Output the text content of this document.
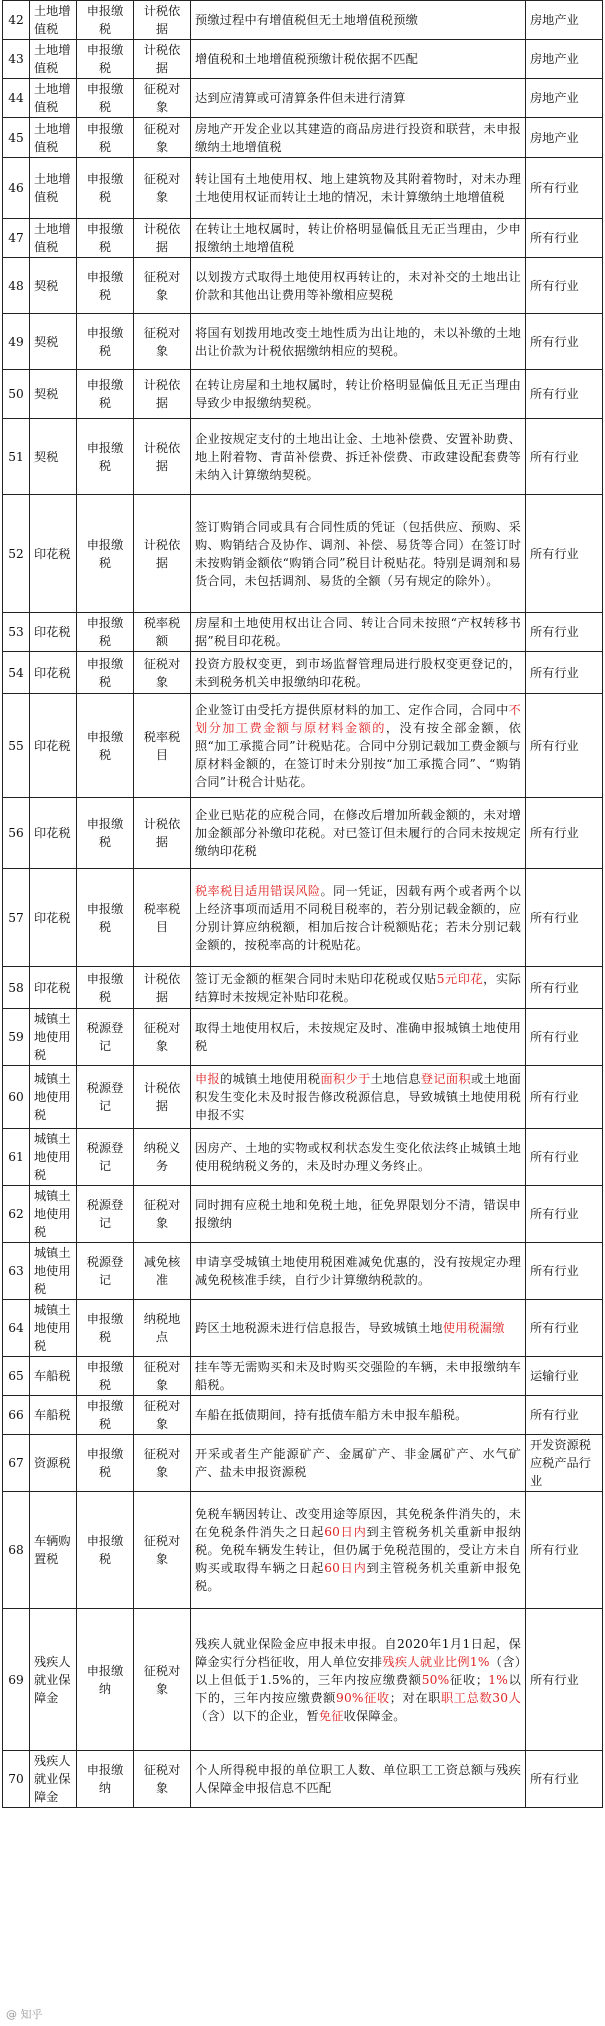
42	土地增值税	申报缴税	计税依据	预缴过程中有增值税但无土地增值税预缴	房地产业
43	土地增值税	申报缴税	计税依据	增值税和土地增值税预缴计税依据不匹配	房地产业
44	土地增值税	申报缴税	征税对象	达到应清算或可清算条件但未进行清算	房地产业
45	土地增值税	申报缴税	征税对象	房地产开发企业以其建造的商品房进行投资和联营，未申报缴纳土地增值税	房地产业
46	土地增值税	申报缴税	征税对象	转让国有土地使用权、地上建筑物及其附着物时，对未办理土地使用权证而转让土地的情况，未计算缴纳土地增值税	所有行业
47	土地增值税	申报缴税	计税依据	在转让土地权属时，转让价格明显偏低且无正当理由，少申报缴纳土地增值税	所有行业
48	契税	申报缴税	征税对象	以划拨方式取得土地使用权再转让的，未对补交的土地出让价款和其他出让费用等补缴相应契税	所有行业
49	契税	申报缴税	征税对象	将国有划拨用地改变土地性质为出让地的，未以补缴的土地出让价款为计税依据缴纳相应的契税。	所有行业
50	契税	申报缴税	计税依据	在转让房屋和土地权属时，转让价格明显偏低且无正当理由导致少申报缴纳契税。	所有行业
51	契税	申报缴税	计税依据	企业按规定支付的土地出让金、土地补偿费、安置补助费、地上附着物、青苗补偿费、拆迁补偿费、市政建设配套费等未纳入计算缴纳契税。	所有行业
52	印花税	申报缴税	计税依据	签订购销合同或具有合同性质的凭证（包括供应、预购、采购、购销结合及协作、调剂、补偿、易货等合同）在签订时未按购销金额依“购销合同”税目计税贴花。特别是调剂和易货合同，未包括调剂、易货的全额（另有规定的除外）。	所有行业
53	印花税	申报缴税	税率税额	房屋和土地使用权出让合同、转让合同未按照“产权转移书据”税目印花税。	所有行业
54	印花税	申报缴税	征税对象	投资方股权变更，到市场监督管理局进行股权变更登记的，未到税务机关申报缴纳印花税。	所有行业
55	印花税	申报缴税	税率税目	企业签订由受托方提供原材料的加工、定作合同，合同中不划分加工费金额与原材料金额的，没有按全部金额，依照“加工承揽合同”计税贴花。合同中分别记载加工费金额与原材料金额的，在签订时未分别按“加工承揽合同”、“购销合同”计税合计贴花。	所有行业
56	印花税	申报缴税	计税依据	企业已贴花的应税合同，在修改后增加所载金额的，未对增加金额部分补缴印花税。对已签订但未履行的合同未按规定缴纳印花税	所有行业
57	印花税	申报缴税	税率税目	税率税目适用错误风险。同一凭证，因载有两个或者两个以上经济事项而适用不同税目税率的，若分别记载金额的，应分别计算应纳税额，相加后按合计税额贴花；若未分别记载金额的，按税率高的计税贴花。	所有行业
58	印花税	申报缴税	计税依据	签订无金额的框架合同时未贴印花税或仅贴5元印花，实际结算时未按规定补贴印花税。	所有行业
59	城镇土地使用税	税源登记	征税对象	取得土地使用权后，未按规定及时、准确申报城镇土地使用税	所有行业
60	城镇土地使用税	税源登记	计税依据	申报的城镇土地使用税面积少于土地信息登记面积或土地面积发生变化未及时报告修改税源信息，导致城镇土地使用税申报不实	所有行业
61	城镇土地使用税	税源登记	纳税义务	因房产、土地的实物或权利状态发生变化依法终止城镇土地使用税纳税义务的，未及时办理义务终止。	所有行业
62	城镇土地使用税	税源登记	征税对象	同时拥有应税土地和免税土地，征免界限划分不清，错误申报缴纳	所有行业
63	城镇土地使用税	税源登记	减免核准	申请享受城镇土地使用税困难减免优惠的，没有按规定办理减免税核准手续，自行少计算缴纳税款的。	所有行业
64	城镇土地使用税	申报缴税	纳税地点	跨区土地税源未进行信息报告，导致城镇土地使用税漏缴	所有行业
65	车船税	申报缴税	征税对象	挂车等无需购买和未及时购买交强险的车辆，未申报缴纳车船税。	运输行业
66	车船税	申报缴税	征税对象	车船在抵债期间，持有抵债车船方未申报车船税。	所有行业
67	资源税	申报缴税	征税对象	开采或者生产能源矿产、金属矿产、非金属矿产、水气矿产、盐未申报资源税	开发资源税应税产品行业
68	车辆购置税	申报缴税	征税对象	免税车辆因转让、改变用途等原因，其免税条件消失的，未在免税条件消失之日起60日内到主管税务机关重新申报纳税。免税车辆发生转让，但仍属于免税范围的，受让方未自购买或取得车辆之日起60日内到主管税务机关重新申报免税。	所有行业
69	残疾人就业保障金	申报缴纳	征税对象	残疾人就业保险金应申报未申报。自2020年1月1日起，保障金实行分档征收，用人单位安排残疾人就业比例1%（含）以上但低于1.5%的，三年内按应缴费额50%征收；1%以下的，三年内按应缴费额90%征收；对在职职工总数30人（含）以下的企业，暂免征收保障金。	所有行业
70	残疾人就业保障金	申报缴纳	征税对象	个人所得税申报的单位职工人数、单位职工工资总额与残疾人保障金申报信息不匹配	所有行业
@ 知乎
